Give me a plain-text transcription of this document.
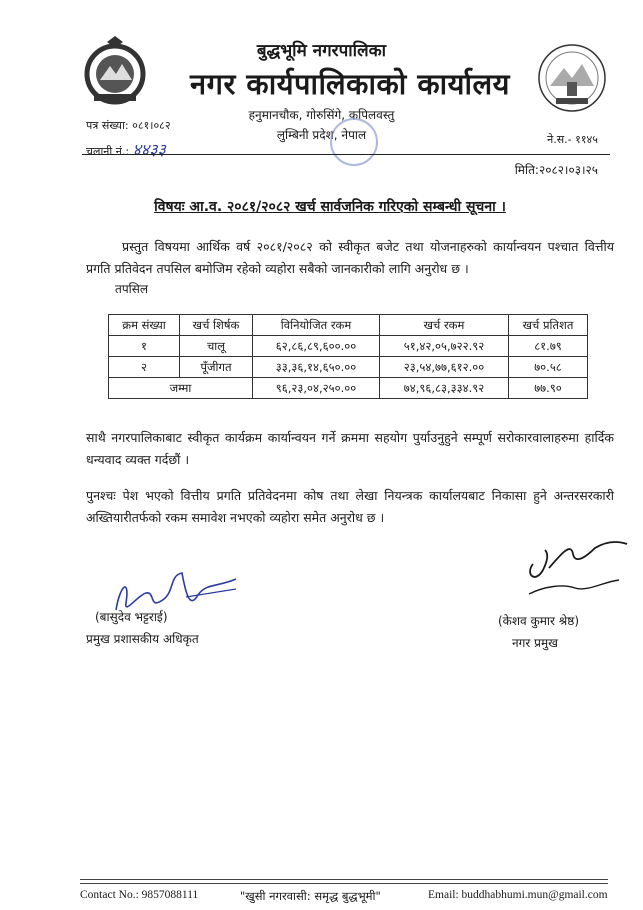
बुद्धभूमि नगरपालिका
नगर कार्यपालिकाको कार्यालय
हनुमानचौक, गोरुसिंगे, कपिलवस्तु
लुम्बिनी प्रदेश, नेपाल
पत्र संख्या: ०८१।०८२
चलानी नं.: ४४३३
ने.स.- ११४५
मिति:२०८२।०३।२५
विषयः आ.व. २०८१/२०८२ खर्च सार्वजनिक गरिएको सम्बन्धी सूचना ।
प्रस्तुत विषयमा आर्थिक वर्ष २०८१/२०८२ को स्वीकृत बजेट तथा योजनाहरुको कार्यान्वयन पश्चात वित्तीय प्रगति प्रतिवेदन तपसिल बमोजिम रहेको व्यहोरा सबैको जानकारीको लागि अनुरोध छ ।
तपसिल
क्रम संख्या	खर्च शिर्षक	विनियोजित रकम	खर्च रकम	खर्च प्रतिशत
१	चालू	६२,८६,८९,६००.००	५१,४२,०५,७२२.९२	८१.७९
२	पूँजीगत	३३,३६,१४,६५०.००	२३,५४,७७,६१२.००	७०.५८
जम्मा		९६,२३,०४,२५०.००	७४,९६,८३,३३४.९२	७७.९०
साथै नगरपालिकाबाट स्वीकृत कार्यक्रम कार्यान्वयन गर्ने क्रममा सहयोग पुर्याउनुहुने सम्पूर्ण सरोकारवालाहरुमा हार्दिक धन्यवाद व्यक्त गर्दछौं ।
पुनश्चः पेश भएको वित्तीय प्रगति प्रतिवेदनमा कोष तथा लेखा नियन्त्रक कार्यालयबाट निकासा हुने अन्तरसरकारी अख्तियारीतर्फको रकम समावेश नभएको व्यहोरा समेत अनुरोध छ ।
(बासुदेव भट्टराई)
प्रमुख प्रशासकीय अधिकृत
(केशव कुमार श्रेष्ठ)
नगर प्रमुख
Contact No.: 9857088111	"खुसी नगरवासी: समृद्ध बुद्धभूमी"	Email: buddhabhumi.mun@gmail.com
